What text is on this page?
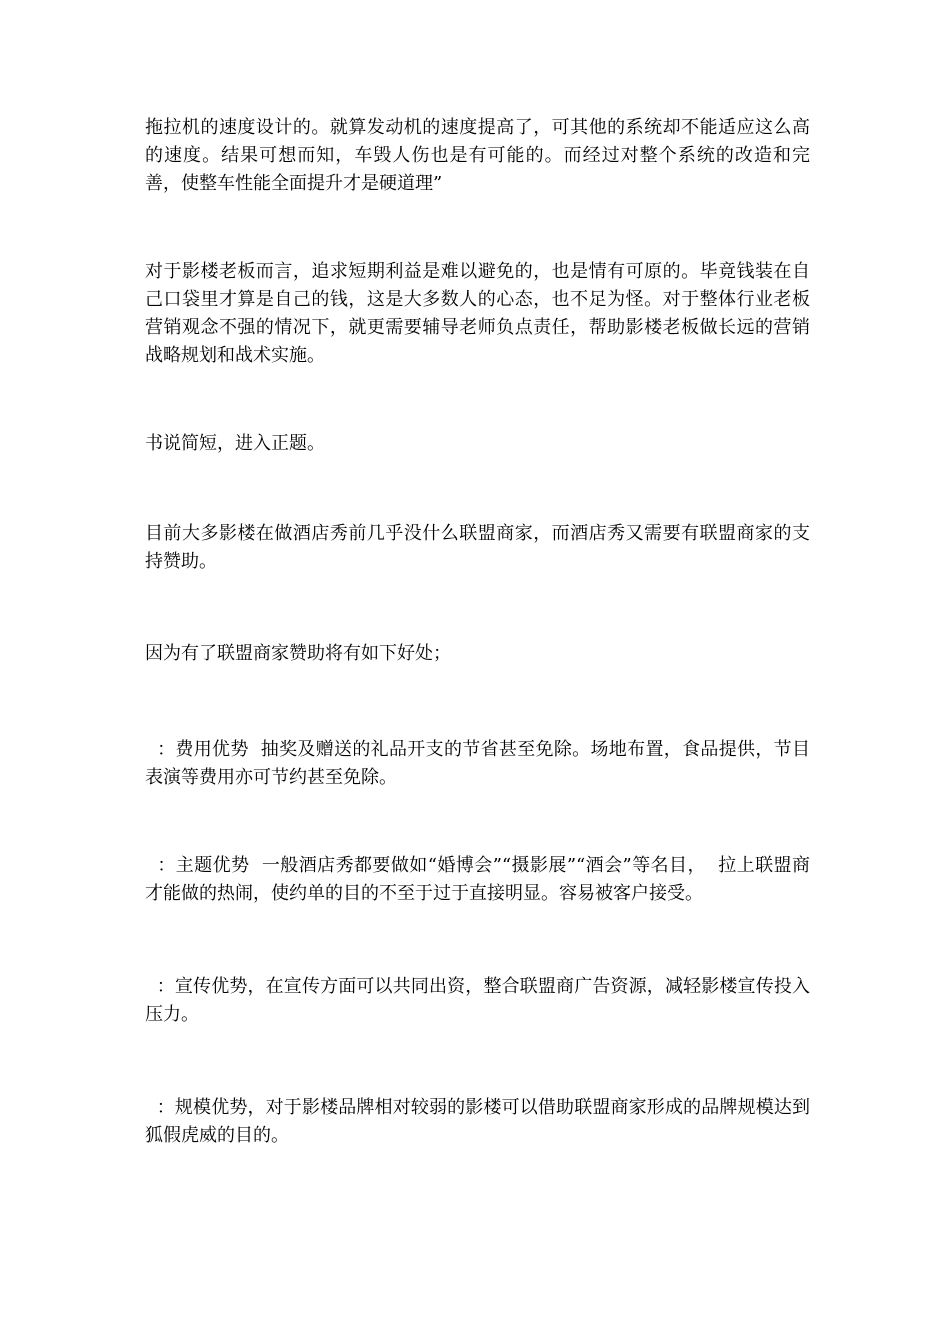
拖拉机的速度设计的。就算发动机的速度提高了，可其他的系统却不能适应这么高的速度。结果可想而知，车毁人伤也是有可能的。而经过对整个系统的改造和完善，使整车性能全面提升才是硬道理”

对于影楼老板而言，追求短期利益是难以避免的，也是情有可原的。毕竟钱装在自己口袋里才算是自己的钱，这是大多数人的心态，也不足为怪。对于整体行业老板营销观念不强的情况下，就更需要辅导老师负点责任，帮助影楼老板做长远的营销战略规划和战术实施。

书说简短，进入正题。

目前大多影楼在做酒店秀前几乎没什么联盟商家，而酒店秀又需要有联盟商家的支持赞助。

因为有了联盟商家赞助将有如下好处；

：费用优势  抽奖及赠送的礼品开支的节省甚至免除。场地布置，食品提供，节目表演等费用亦可节约甚至免除。

：主题优势  一般酒店秀都要做如“婚博会”“摄影展”“酒会”等名目，  拉上联盟商才能做的热闹，使约单的目的不至于过于直接明显。容易被客户接受。

：宣传优势，在宣传方面可以共同出资，整合联盟商广告资源，减轻影楼宣传投入压力。

：规模优势，对于影楼品牌相对较弱的影楼可以借助联盟商家形成的品牌规模达到狐假虎威的目的。
